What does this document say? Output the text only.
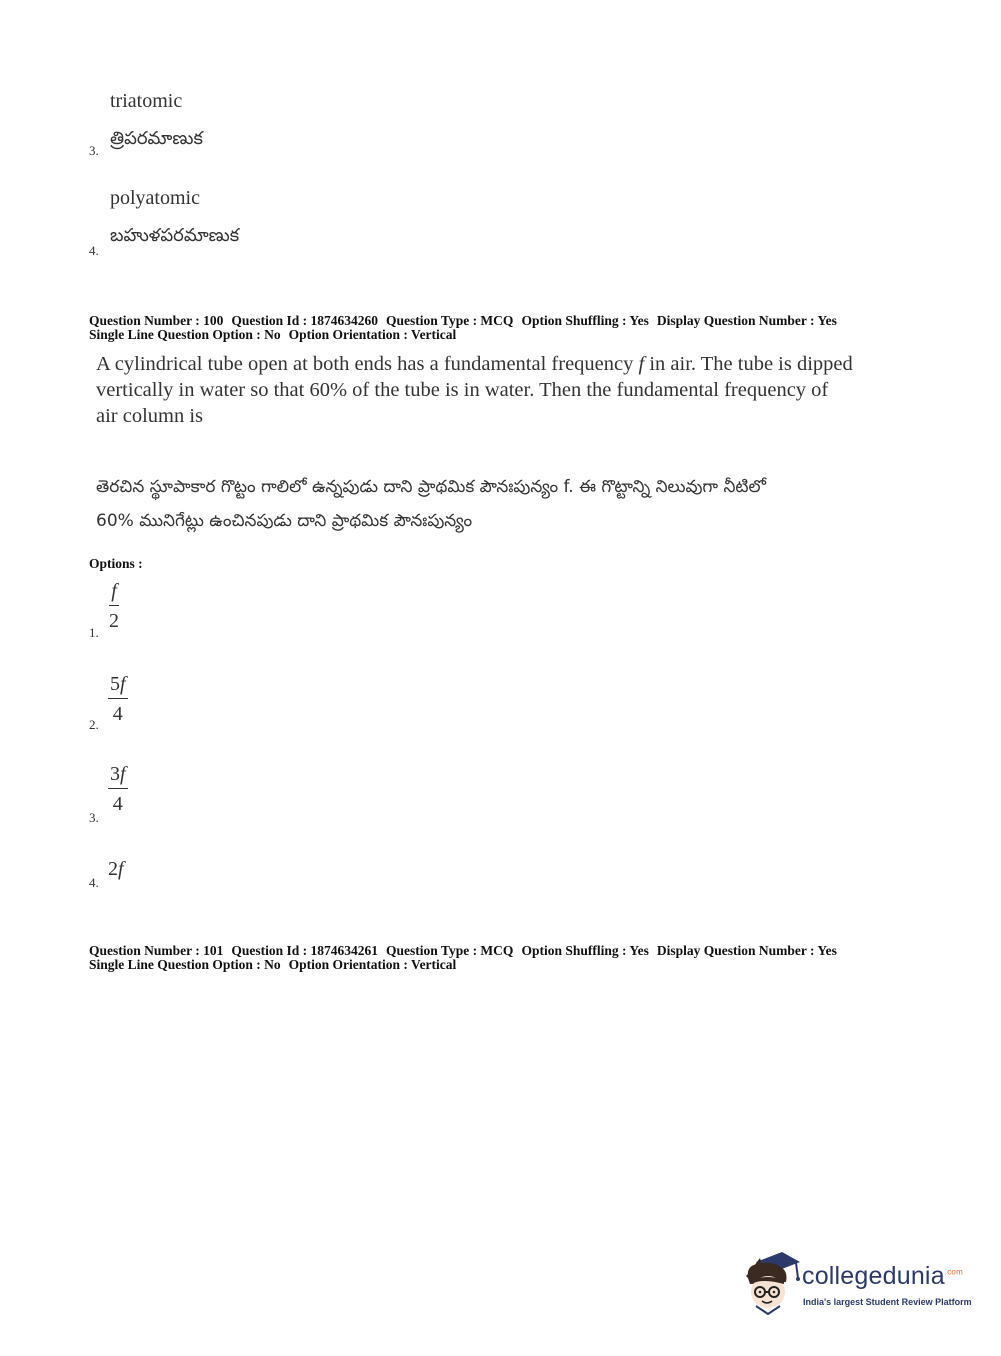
triatomic
3.
త్రిపరమాణుక
polyatomic
4.
బహుళపరమాణుక
Question Number : 100 Question Id : 1874634260 Question Type : MCQ Option Shuffling : Yes Display Question Number : Yes
Single Line Question Option : No Option Orientation : Vertical
A cylindrical tube open at both ends has a fundamental frequency f in air. The tube is dipped
vertically in water so that 60% of the tube is in water. Then the fundamental frequency of
air column is
తెరచిన స్థూపాకార గొట్టం గాలిలో ఉన్నపుడు దాని ప్రాథమిక పౌనఃపున్యం f. ఈ గొట్టాన్ని నిలువుగా నీటిలో
60% మునిగేట్లు ఉంచినపుడు దాని ప్రాథమిక పౌనఃపున్యం
Options :
1. $\frac{f}{2}$
2. $\frac{5f}{4}$
3.
$\frac{3f}{4}$
4.
2f
Question Number : 101 Question Id : 1874634261 Question Type : MCQ Option Shuffling : Yes Display Question Number : Yes
Single Line Question Option : No Option Orientation : Vertical
collegedunia$^{.com}$
India's largest Student Review Platform
